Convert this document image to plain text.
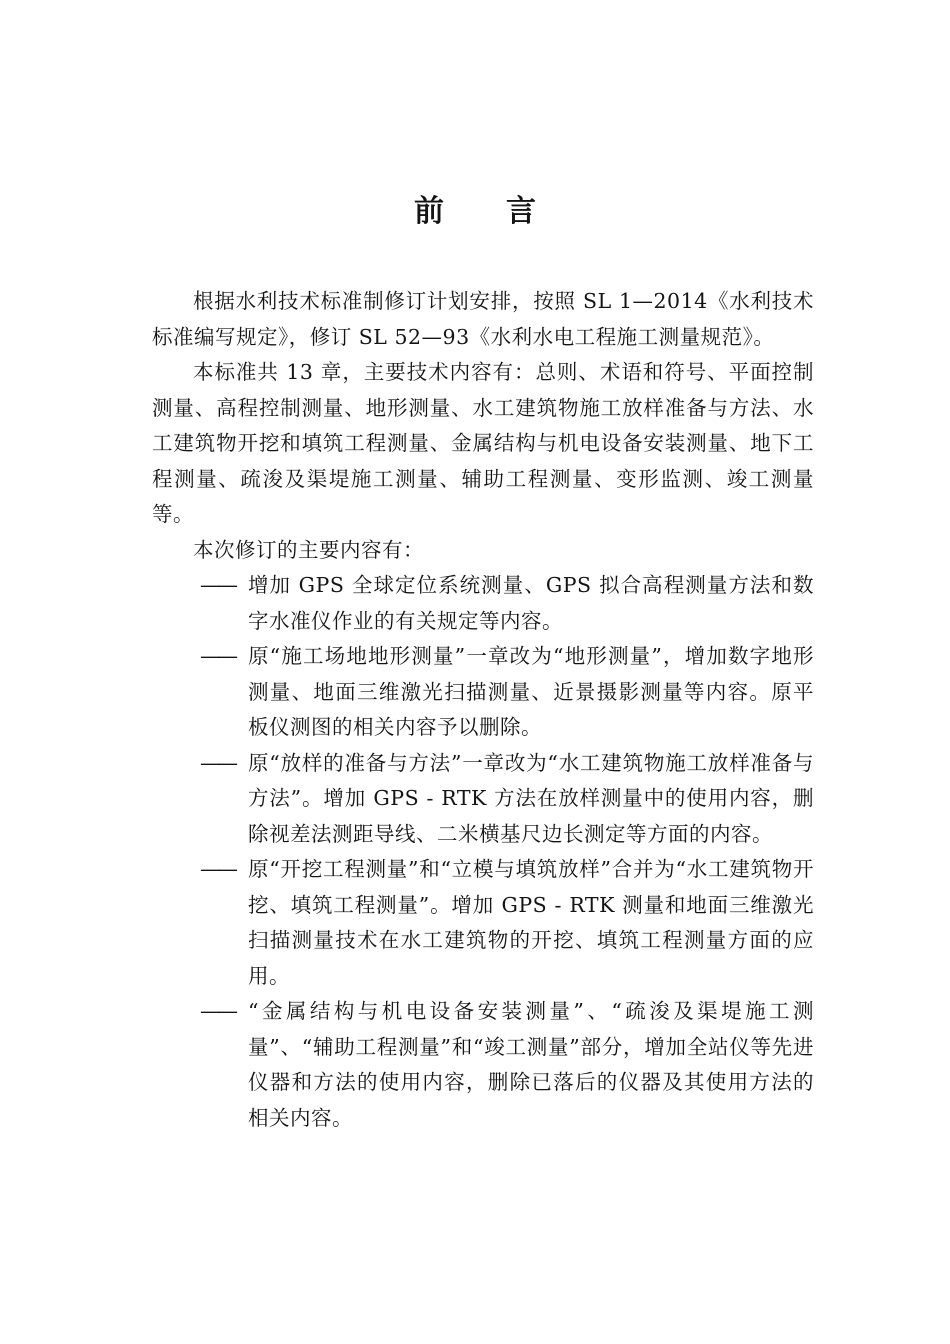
前言

根据水利技术标准制修订计划安排，按照 SL 1—2014《水利技术标准编写规定》，修订 SL 52—93《水利水电工程施工测量规范》。

本标准共 13 章，主要技术内容有：总则、术语和符号、平面控制测量、高程控制测量、地形测量、水工建筑物施工放样准备与方法、水工建筑物开挖和填筑工程测量、金属结构与机电设备安装测量、地下工程测量、疏浚及渠堤施工测量、辅助工程测量、变形监测、竣工测量等。

本次修订的主要内容有：

—— 增加 GPS 全球定位系统测量、GPS 拟合高程测量方法和数字水准仪作业的有关规定等内容。
—— 原“施工场地地形测量”一章改为“地形测量”，增加数字地形测量、地面三维激光扫描测量、近景摄影测量等内容。原平板仪测图的相关内容予以删除。
—— 原“放样的准备与方法”一章改为“水工建筑物施工放样准备与方法”。增加 GPS - RTK 方法在放样测量中的使用内容，删除视差法测距导线、二米横基尺边长测定等方面的内容。
—— 原“开挖工程测量”和“立模与填筑放样”合并为“水工建筑物开挖、填筑工程测量”。增加 GPS - RTK 测量和地面三维激光扫描测量技术在水工建筑物的开挖、填筑工程测量方面的应用。
—— “金属结构与机电设备安装测量”、“疏浚及渠堤施工测量”、“辅助工程测量”和“竣工测量”部分，增加全站仪等先进仪器和方法的使用内容，删除已落后的仪器及其使用方法的相关内容。
